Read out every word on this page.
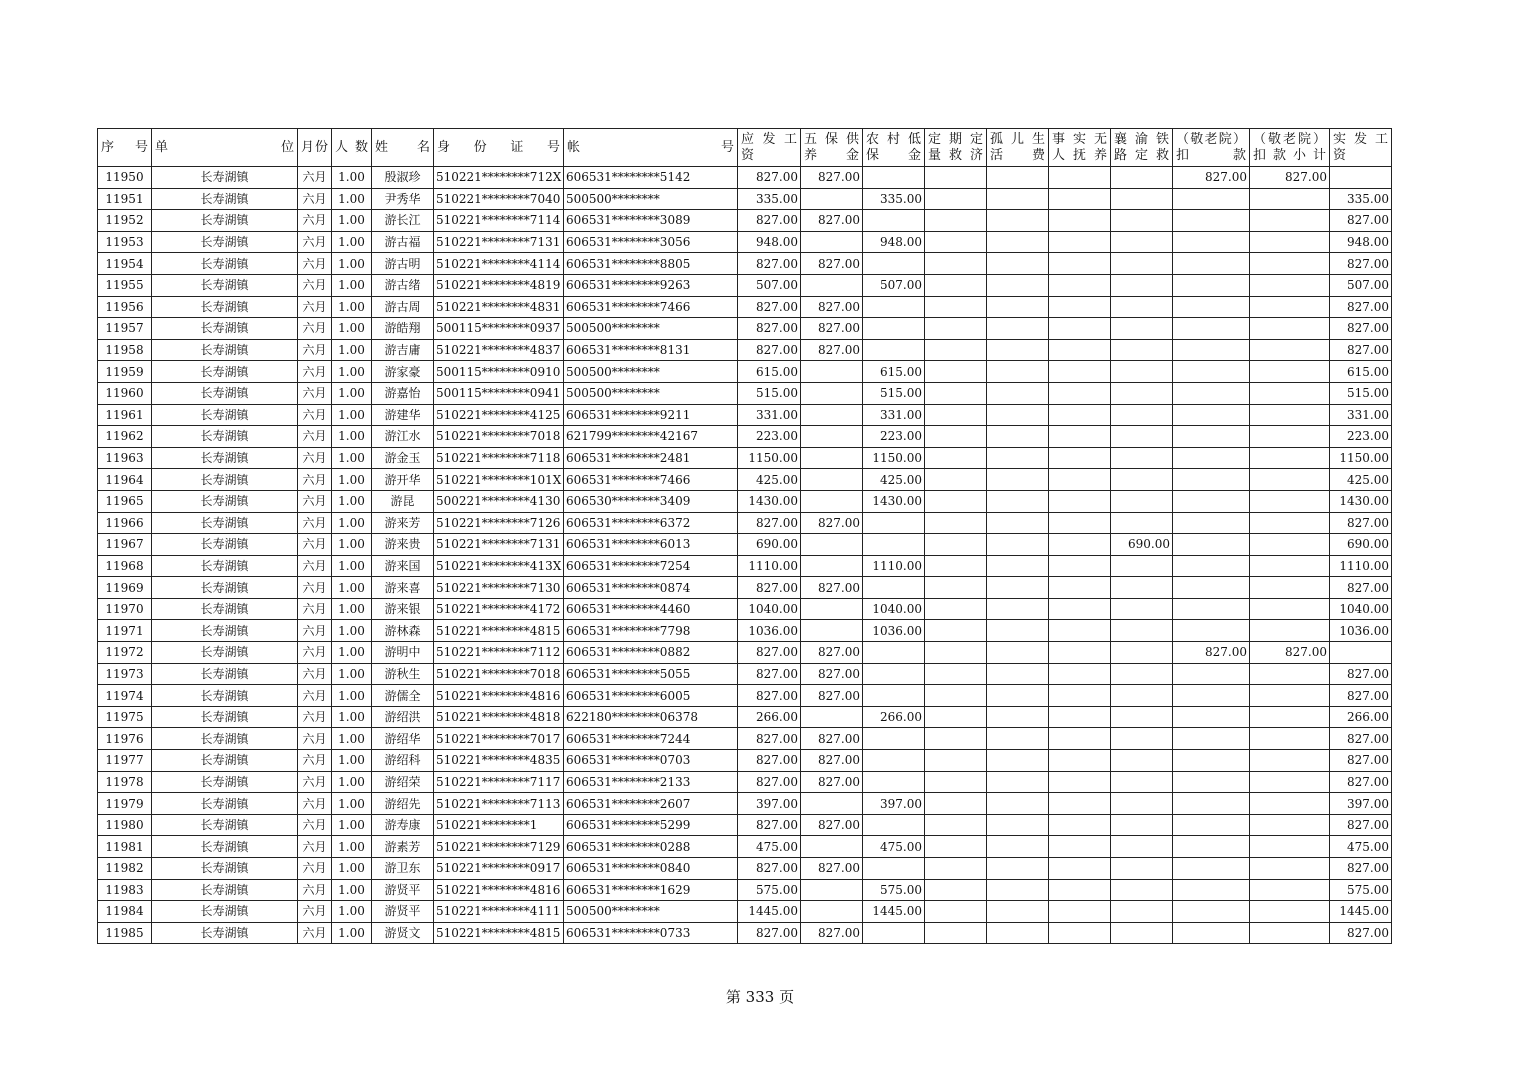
序　号	单　　　位	月份	人 数	姓　名	身　份　证　号	帐　　　号	应 发 工 资	五 保 供 养 金	农 村 低 保 金	定 期 定 量 救 济	孤 儿 生 活 费	事 实 无 人 抚 养	襄 渝 铁 路 定 救	（敬老院）扣　款	（敬老院）扣 款 小 计	实 发 工 资
11950	长寿湖镇	六月	1.00	殷淑珍	510221********712X	606531********5142	827.00	827.00						827.00	827.00	
11951	长寿湖镇	六月	1.00	尹秀华	510221********7040	500500********	335.00		335.00							335.00
11952	长寿湖镇	六月	1.00	游长江	510221********7114	606531********3089	827.00	827.00								827.00
11953	长寿湖镇	六月	1.00	游古福	510221********7131	606531********3056	948.00		948.00							948.00
11954	长寿湖镇	六月	1.00	游古明	510221********4114	606531********8805	827.00	827.00								827.00
11955	长寿湖镇	六月	1.00	游古绪	510221********4819	606531********9263	507.00		507.00							507.00
11956	长寿湖镇	六月	1.00	游古周	510221********4831	606531********7466	827.00	827.00								827.00
11957	长寿湖镇	六月	1.00	游皓翔	500115********0937	500500********	827.00	827.00								827.00
11958	长寿湖镇	六月	1.00	游吉庸	510221********4837	606531********8131	827.00	827.00								827.00
11959	长寿湖镇	六月	1.00	游家豪	500115********0910	500500********	615.00		615.00							615.00
11960	长寿湖镇	六月	1.00	游嘉怡	500115********0941	500500********	515.00		515.00							515.00
11961	长寿湖镇	六月	1.00	游建华	510221********4125	606531********9211	331.00		331.00							331.00
11962	长寿湖镇	六月	1.00	游江水	510221********7018	621799********42167	223.00		223.00							223.00
11963	长寿湖镇	六月	1.00	游金玉	510221********7118	606531********2481	1150.00		1150.00							1150.00
11964	长寿湖镇	六月	1.00	游开华	510221********101X	606531********7466	425.00		425.00							425.00
11965	长寿湖镇	六月	1.00	游昆	500221********4130	606530********3409	1430.00		1430.00							1430.00
11966	长寿湖镇	六月	1.00	游来芳	510221********7126	606531********6372	827.00	827.00								827.00
11967	长寿湖镇	六月	1.00	游来贵	510221********7131	606531********6013	690.00						690.00			690.00
11968	长寿湖镇	六月	1.00	游来国	510221********413X	606531********7254	1110.00		1110.00							1110.00
11969	长寿湖镇	六月	1.00	游来喜	510221********7130	606531********0874	827.00	827.00								827.00
11970	长寿湖镇	六月	1.00	游来银	510221********4172	606531********4460	1040.00		1040.00							1040.00
11971	长寿湖镇	六月	1.00	游林森	510221********4815	606531********7798	1036.00		1036.00							1036.00
11972	长寿湖镇	六月	1.00	游明中	510221********7112	606531********0882	827.00	827.00						827.00	827.00	
11973	长寿湖镇	六月	1.00	游秋生	510221********7018	606531********5055	827.00	827.00								827.00
11974	长寿湖镇	六月	1.00	游儒全	510221********4816	606531********6005	827.00	827.00								827.00
11975	长寿湖镇	六月	1.00	游绍洪	510221********4818	622180********06378	266.00		266.00							266.00
11976	长寿湖镇	六月	1.00	游绍华	510221********7017	606531********7244	827.00	827.00								827.00
11977	长寿湖镇	六月	1.00	游绍科	510221********4835	606531********0703	827.00	827.00								827.00
11978	长寿湖镇	六月	1.00	游绍荣	510221********7117	606531********2133	827.00	827.00								827.00
11979	长寿湖镇	六月	1.00	游绍先	510221********7113	606531********2607	397.00		397.00							397.00
11980	长寿湖镇	六月	1.00	游寿康	510221********1	606531********5299	827.00	827.00								827.00
11981	长寿湖镇	六月	1.00	游素芳	510221********7129	606531********0288	475.00		475.00							475.00
11982	长寿湖镇	六月	1.00	游卫东	510221********0917	606531********0840	827.00	827.00								827.00
11983	长寿湖镇	六月	1.00	游贤平	510221********4816	606531********1629	575.00		575.00							575.00
11984	长寿湖镇	六月	1.00	游贤平	510221********4111	500500********	1445.00		1445.00							1445.00
11985	长寿湖镇	六月	1.00	游贤文	510221********4815	606531********0733	827.00	827.00								827.00
第 333 页
